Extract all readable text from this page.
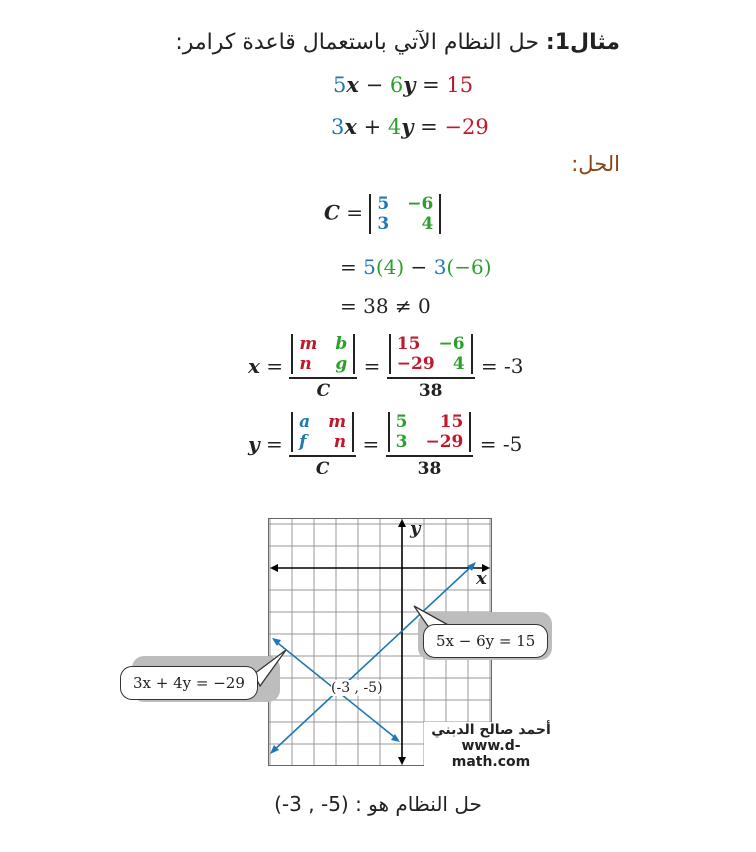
مثال1: حل النظام الآتي باستعمال قاعدة كرامر:
5x − 6y = 15
3x + 4y = −29
الحل:
C = 5 −6
3 4
= 5(4) − 3(−6)
= 38 ≠ 0
x = m b
n g
C = 15 −6
−29 4
38 = -3
y = a m
f n
C = 5 15
3 −29
38 = -5
y
x
(-3 , -5)
5x − 6y = 15
3x + 4y = −29
أحمد صالح الدبني
www.d-math.com
حل النظام هو : (5- , 3-)
